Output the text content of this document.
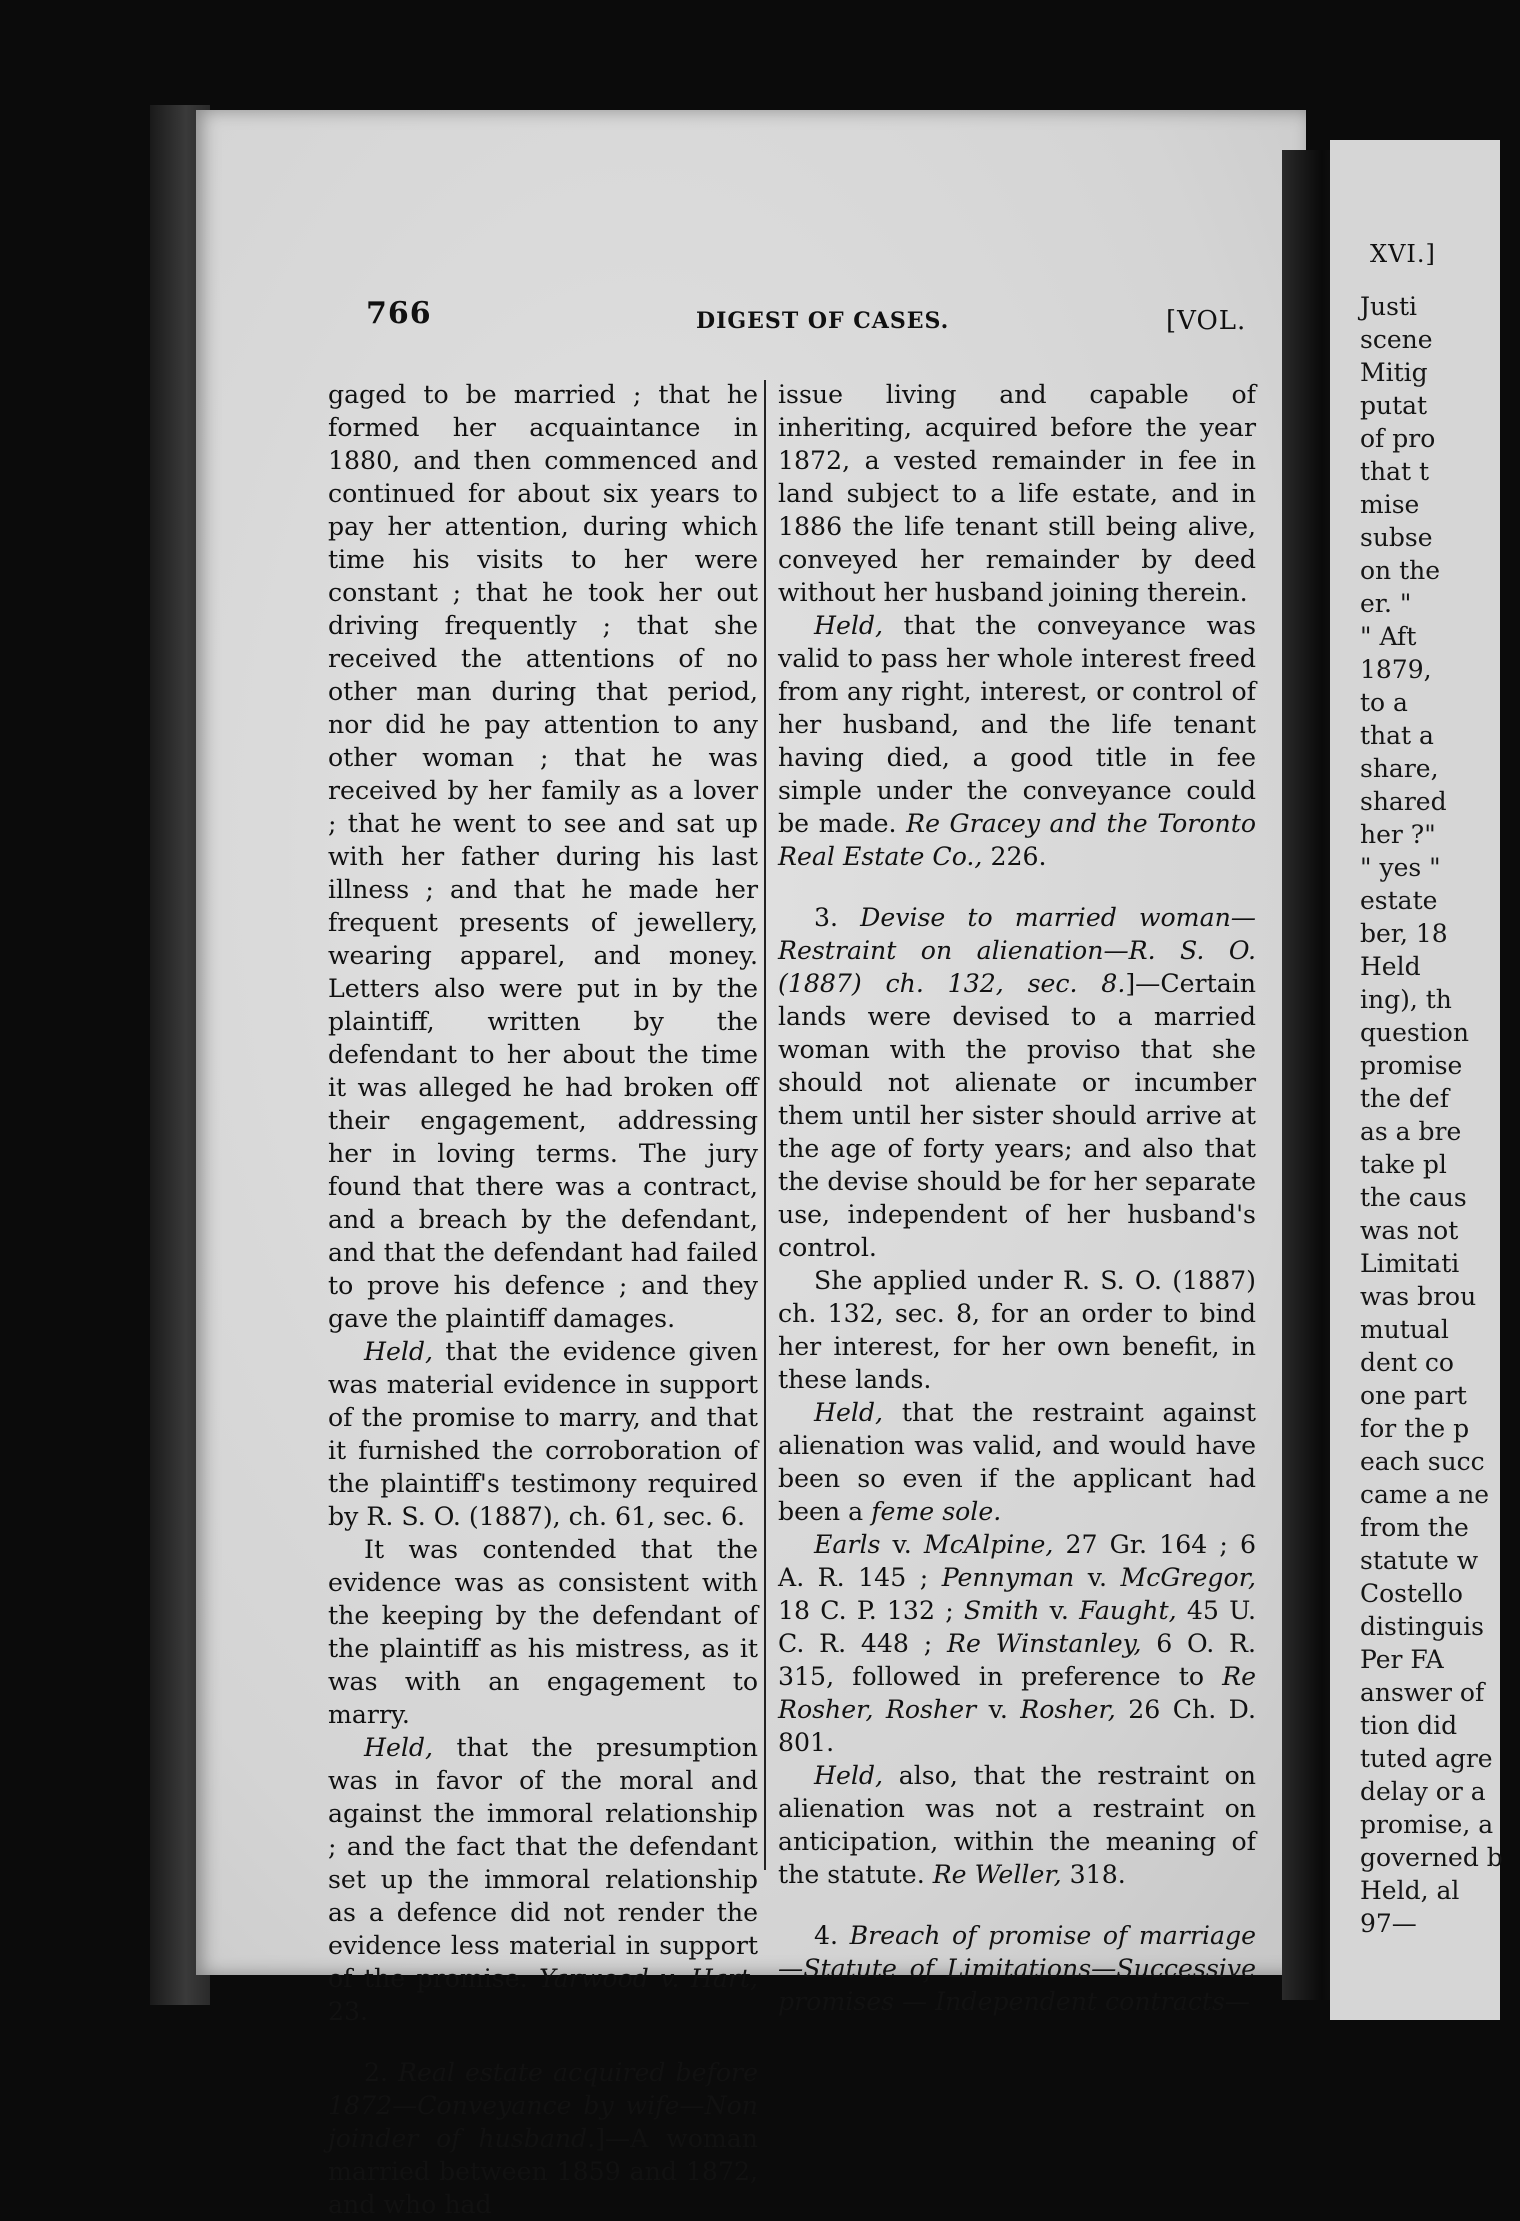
766	DIGEST OF CASES.	[VOL.

gaged to be married ; that he formed her acquaintance in 1880, and then commenced and continued for about six years to pay her attention, during which time his visits to her were constant ; that he took her out driving frequently ; that she received the attentions of no other man during that period, nor did he pay attention to any other woman ; that he was received by her family as a lover ; that he went to see and sat up with her father during his last illness ; and that he made her frequent presents of jewellery, wearing apparel, and money. Letters also were put in by the plaintiff, written by the defendant to her about the time it was alleged he had broken off their engagement, addressing her in loving terms. The jury found that there was a contract, and a breach by the defendant, and that the defendant had failed to prove his defence ; and they gave the plaintiff damages.

Held, that the evidence given was material evidence in support of the promise to marry, and that it furnished the corroboration of the plaintiff's testimony required by R. S. O. (1887), ch. 61, sec. 6.

It was contended that the evidence was as consistent with the keeping by the defendant of the plaintiff as his mistress, as it was with an engagement to marry.

Held, that the presumption was in favor of the moral and against the immoral relationship ; and the fact that the defendant set up the immoral relationship as a defence did not render the evidence less material in support of the promise. Yarwood v. Hart, 23.

2. Real estate acquired before 1872—Conveyance by wife—Non joinder of husband.]—A woman married between 1859 and 1872, and who had

issue living and capable of inheriting, acquired before the year 1872, a vested remainder in fee in land subject to a life estate, and in 1886 the life tenant still being alive, conveyed her remainder by deed without her husband joining therein.

Held, that the conveyance was valid to pass her whole interest freed from any right, interest, or control of her husband, and the life tenant having died, a good title in fee simple under the conveyance could be made. Re Gracey and the Toronto Real Estate Co., 226.

3. Devise to married woman—Restraint on alienation—R. S. O. (1887) ch. 132, sec. 8.]—Certain lands were devised to a married woman with the proviso that she should not alienate or incumber them until her sister should arrive at the age of forty years; and also that the devise should be for her separate use, independent of her husband's control.

She applied under R. S. O. (1887) ch. 132, sec. 8, for an order to bind her interest, for her own benefit, in these lands.

Held, that the restraint against alienation was valid, and would have been so even if the applicant had been a feme sole.

Earls v. McAlpine, 27 Gr. 164 ; 6 A. R. 145 ; Pennyman v. McGregor, 18 C. P. 132 ; Smith v. Faught, 45 U. C. R. 448 ; Re Winstanley, 6 O. R. 315, followed in preference to Re Rosher, Rosher v. Rosher, 26 Ch. D. 801.

Held, also, that the restraint on alienation was not a restraint on anticipation, within the meaning of the statute. Re Weller, 318.

4. Breach of promise of marriage—Statute of Limitations—Successive promises — Independent contracts—

XVI.]
Justi
scene
Mitig
putat
of pro
that t
mise
subse
on the
er. "
" Aft
1879,
to a
that a
share,
shared
her ?"
" yes "
estate
ber, 18
Held
ing), th
question
promise
the def
as a bre
take pl
the caus
was not
Limitati
was brou
mutual
dent co
one part
for the p
each succ
came a ne
from the
statute w
Costello
distinguis
Per FA
answer of
tion did
tuted agre
delay or a
promise, a
governed b
Held, al
97—
